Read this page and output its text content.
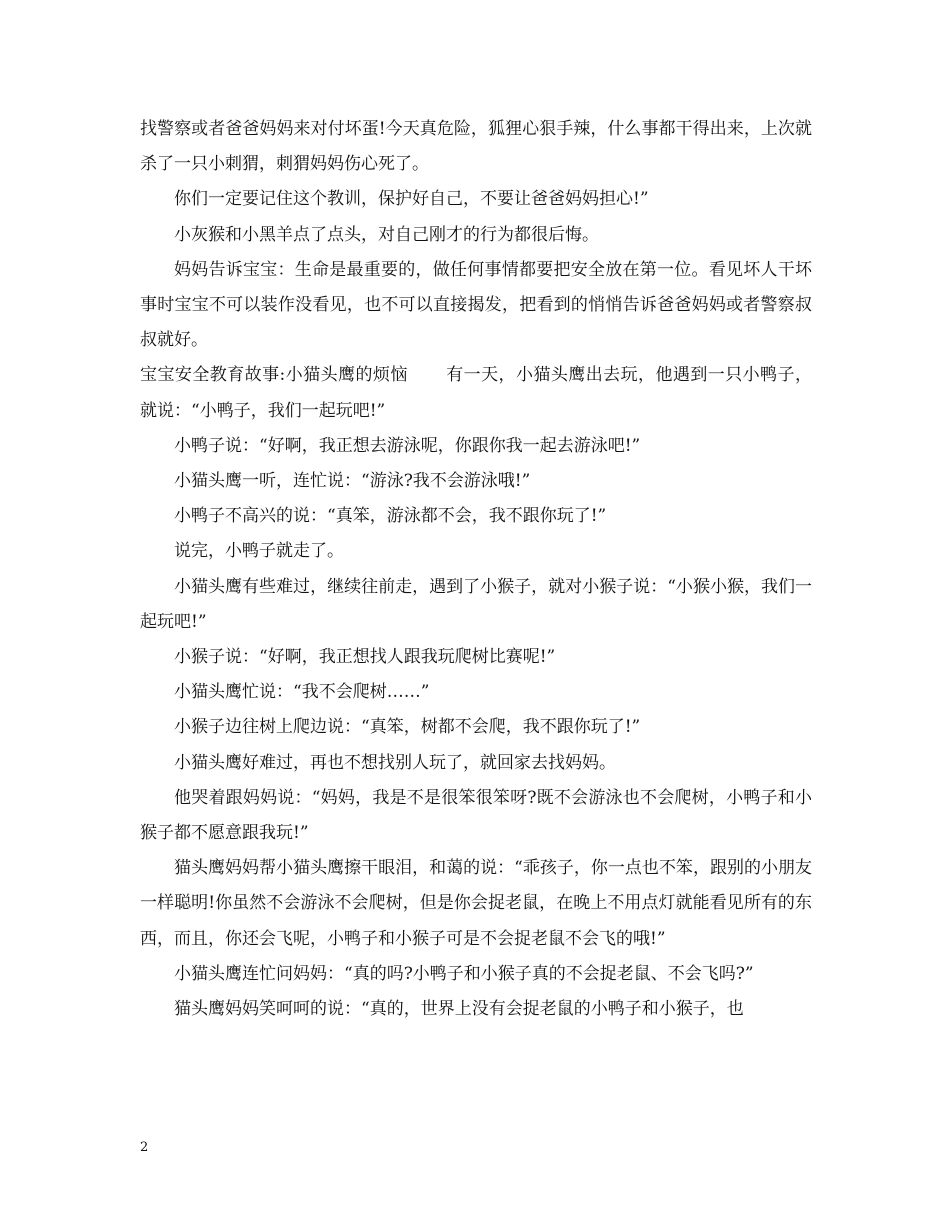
找警察或者爸爸妈妈来对付坏蛋!今天真危险，狐狸心狠手辣，什么事都干得出来，上次就杀了一只小刺猬，刺猬妈妈伤心死了。

你们一定要记住这个教训，保护好自己，不要让爸爸妈妈担心!”

小灰猴和小黑羊点了点头，对自己刚才的行为都很后悔。

妈妈告诉宝宝：生命是最重要的，做任何事情都要把安全放在第一位。看见坏人干坏事时宝宝不可以装作没看见，也不可以直接揭发，把看到的悄悄告诉爸爸妈妈或者警察叔叔就好。

宝宝安全教育故事:小猫头鹰的烦恼 有一天，小猫头鹰出去玩，他遇到一只小鸭子，就说：“小鸭子，我们一起玩吧!”

小鸭子说：“好啊，我正想去游泳呢，你跟你我一起去游泳吧!”

小猫头鹰一听，连忙说：“游泳?我不会游泳哦!”

小鸭子不高兴的说：“真笨，游泳都不会，我不跟你玩了!”

说完，小鸭子就走了。

小猫头鹰有些难过，继续往前走，遇到了小猴子，就对小猴子说：“小猴小猴，我们一起玩吧!”

小猴子说：“好啊，我正想找人跟我玩爬树比赛呢!”

小猫头鹰忙说：“我不会爬树……”

小猴子边往树上爬边说：“真笨，树都不会爬，我不跟你玩了!”

小猫头鹰好难过，再也不想找别人玩了，就回家去找妈妈。

他哭着跟妈妈说：“妈妈，我是不是很笨很笨呀?既不会游泳也不会爬树，小鸭子和小猴子都不愿意跟我玩!”

猫头鹰妈妈帮小猫头鹰擦干眼泪，和蔼的说：“乖孩子，你一点也不笨，跟别的小朋友一样聪明!你虽然不会游泳不会爬树，但是你会捉老鼠，在晚上不用点灯就能看见所有的东西，而且，你还会飞呢，小鸭子和小猴子可是不会捉老鼠不会飞的哦!”

小猫头鹰连忙问妈妈：“真的吗?小鸭子和小猴子真的不会捉老鼠、不会飞吗?”

猫头鹰妈妈笑呵呵的说：“真的，世界上没有会捉老鼠的小鸭子和小猴子，也

2
